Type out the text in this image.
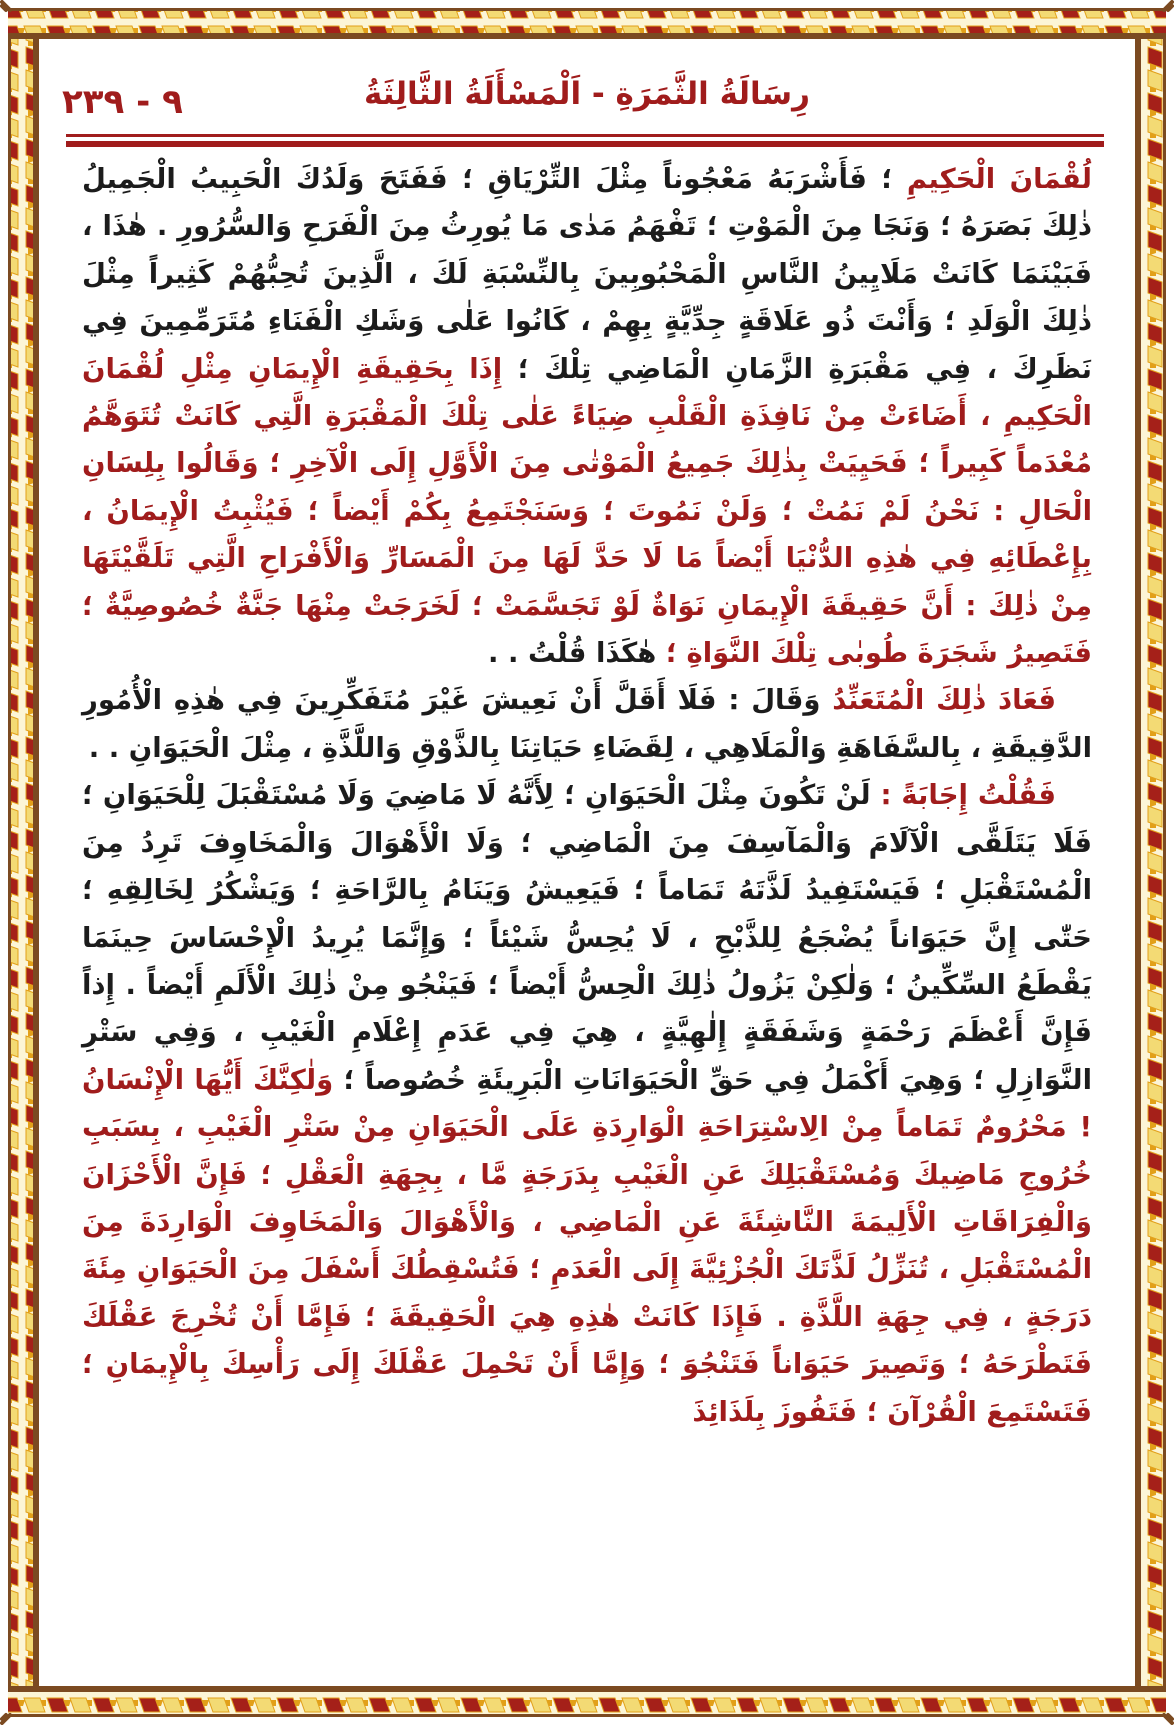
٩ - ٢٣٩	رِسَالَةُ الثَّمَرَةِ - اَلْمَسْأَلَةُ الثَّالِثَةُ

لُقْمَانَ الْحَكِيمِ ؛ فَأَشْرَبَهُ مَعْجُوناً مِثْلَ التِّرْيَاقِ ؛ فَفَتَحَ وَلَدُكَ الْحَبِيبُ الْجَمِيلُ ذٰلِكَ بَصَرَهُ ؛ وَنَجَا مِنَ الْمَوْتِ ؛ تَفْهَمُ مَدٰى مَا يُورِثُ مِنَ الْفَرَحِ وَالسُّرُورِ . هٰذَا ، فَبَيْنَمَا كَانَتْ مَلَايِينُ النَّاسِ الْمَحْبُوبِينَ بِالنِّسْبَةِ لَكَ ، الَّذِينَ تُحِبُّهُمْ كَثِيراً مِثْلَ ذٰلِكَ الْوَلَدِ ؛ وَأَنْتَ ذُو عَلَاقَةٍ جِدِّيَّةٍ بِهِمْ ، كَانُوا عَلٰى وَشَكِ الْفَنَاءِ مُتَرَمِّمِينَ فِي نَظَرِكَ ، فِي مَقْبَرَةِ الزَّمَانِ الْمَاضِي تِلْكَ ؛ إِذَا بِحَقِيقَةِ الْإِيمَانِ مِثْلِ لُقْمَانَ الْحَكِيمِ ، أَضَاءَتْ مِنْ نَافِذَةِ الْقَلْبِ ضِيَاءً عَلٰى تِلْكَ الْمَقْبَرَةِ الَّتِي كَانَتْ تُتَوَهَّمُ مُعْدَماً كَبِيراً ؛ فَحَيِيَتْ بِذٰلِكَ جَمِيعُ الْمَوْتٰى مِنَ الْأَوَّلِ إِلَى الْآخِرِ ؛ وَقَالُوا بِلِسَانِ الْحَالِ : نَحْنُ لَمْ نَمُتْ ؛ وَلَنْ نَمُوتَ ؛ وَسَنَجْتَمِعُ بِكُمْ أَيْضاً ؛ فَيُثْبِتُ الْإِيمَانُ ، بِإِعْطَائِهِ فِي هٰذِهِ الدُّنْيَا أَيْضاً مَا لَا حَدَّ لَهَا مِنَ الْمَسَارِّ وَالْأَفْرَاحِ الَّتِي تَلَقَّيْتَهَا مِنْ ذٰلِكَ : أَنَّ حَقِيقَةَ الْإِيمَانِ نَوَاةٌ لَوْ تَجَسَّمَتْ ؛ لَخَرَجَتْ مِنْهَا جَنَّةٌ خُصُوصِيَّةٌ ؛ فَتَصِيرُ شَجَرَةَ طُوبٰى تِلْكَ النَّوَاةِ ؛ هٰكَذَا قُلْتُ . .

فَعَادَ ذٰلِكَ الْمُتَعَنِّدُ وَقَالَ : فَلَا أَقَلَّ أَنْ نَعِيشَ غَيْرَ مُتَفَكِّرِينَ فِي هٰذِهِ الْأُمُورِ الدَّقِيقَةِ ، بِالسَّفَاهَةِ وَالْمَلَاهِي ، لِقَضَاءِ حَيَاتِنَا بِالذَّوْقِ وَاللَّذَّةِ ، مِثْلَ الْحَيَوَانِ . .

فَقُلْتُ إِجَابَةً : لَنْ تَكُونَ مِثْلَ الْحَيَوَانِ ؛ لِأَنَّهُ لَا مَاضِيَ وَلَا مُسْتَقْبَلَ لِلْحَيَوَانِ ؛ فَلَا يَتَلَقَّى الْآلَامَ وَالْمَآسِفَ مِنَ الْمَاضِي ؛ وَلَا الْأَهْوَالَ وَالْمَخَاوِفَ تَرِدُ مِنَ الْمُسْتَقْبَلِ ؛ فَيَسْتَفِيدُ لَذَّتَهُ تَمَاماً ؛ فَيَعِيشُ وَيَنَامُ بِالرَّاحَةِ ؛ وَيَشْكُرُ لِخَالِقِهِ ؛ حَتّٰى إِنَّ حَيَوَاناً يُضْجَعُ لِلذَّبْحِ ، لَا يُحِسُّ شَيْئاً ؛ وَإِنَّمَا يُرِيدُ الْإِحْسَاسَ حِينَمَا يَقْطَعُ السِّكِّينُ ؛ وَلٰكِنْ يَزُولُ ذٰلِكَ الْحِسُّ أَيْضاً ؛ فَيَنْجُو مِنْ ذٰلِكَ الْأَلَمِ أَيْضاً . إِذاً فَإِنَّ أَعْظَمَ رَحْمَةٍ وَشَفَقَةٍ إِلٰهِيَّةٍ ، هِيَ فِي عَدَمِ إِعْلَامِ الْغَيْبِ ، وَفِي سَتْرِ النَّوَازِلِ ؛ وَهِيَ أَكْمَلُ فِي حَقِّ الْحَيَوَانَاتِ الْبَرِيئَةِ خُصُوصاً ؛ وَلٰكِنَّكَ أَيُّهَا الْإِنْسَانُ ! مَحْرُومٌ تَمَاماً مِنْ الِاسْتِرَاحَةِ الْوَارِدَةِ عَلَى الْحَيَوَانِ مِنْ سَتْرِ الْغَيْبِ ، بِسَبَبِ خُرُوجِ مَاضِيكَ وَمُسْتَقْبَلِكَ عَنِ الْغَيْبِ بِدَرَجَةٍ مَّا ، بِجِهَةِ الْعَقْلِ ؛ فَإِنَّ الْأَحْزَانَ وَالْفِرَاقَاتِ الْأَلِيمَةَ النَّاشِئَةَ عَنِ الْمَاضِي ، وَالْأَهْوَالَ وَالْمَخَاوِفَ الْوَارِدَةَ مِنَ الْمُسْتَقْبَلِ ، تُنَزِّلُ لَذَّتَكَ الْجُزْئِيَّةَ إِلَى الْعَدَمِ ؛ فَتُسْقِطُكَ أَسْفَلَ مِنَ الْحَيَوَانِ مِئَةَ دَرَجَةٍ ، فِي جِهَةِ اللَّذَّةِ . فَإِذَا كَانَتْ هٰذِهِ هِيَ الْحَقِيقَةَ ؛ فَإِمَّا أَنْ تُخْرِجَ عَقْلَكَ فَتَطْرَحَهُ ؛ وَتَصِيرَ حَيَوَاناً فَتَنْجُوَ ؛ وَإِمَّا أَنْ تَحْمِلَ عَقْلَكَ إِلَى رَأْسِكَ بِالْإِيمَانِ ؛ فَتَسْتَمِعَ الْقُرْآنَ ؛ فَتَفُوزَ بِلَذَائِذَ
